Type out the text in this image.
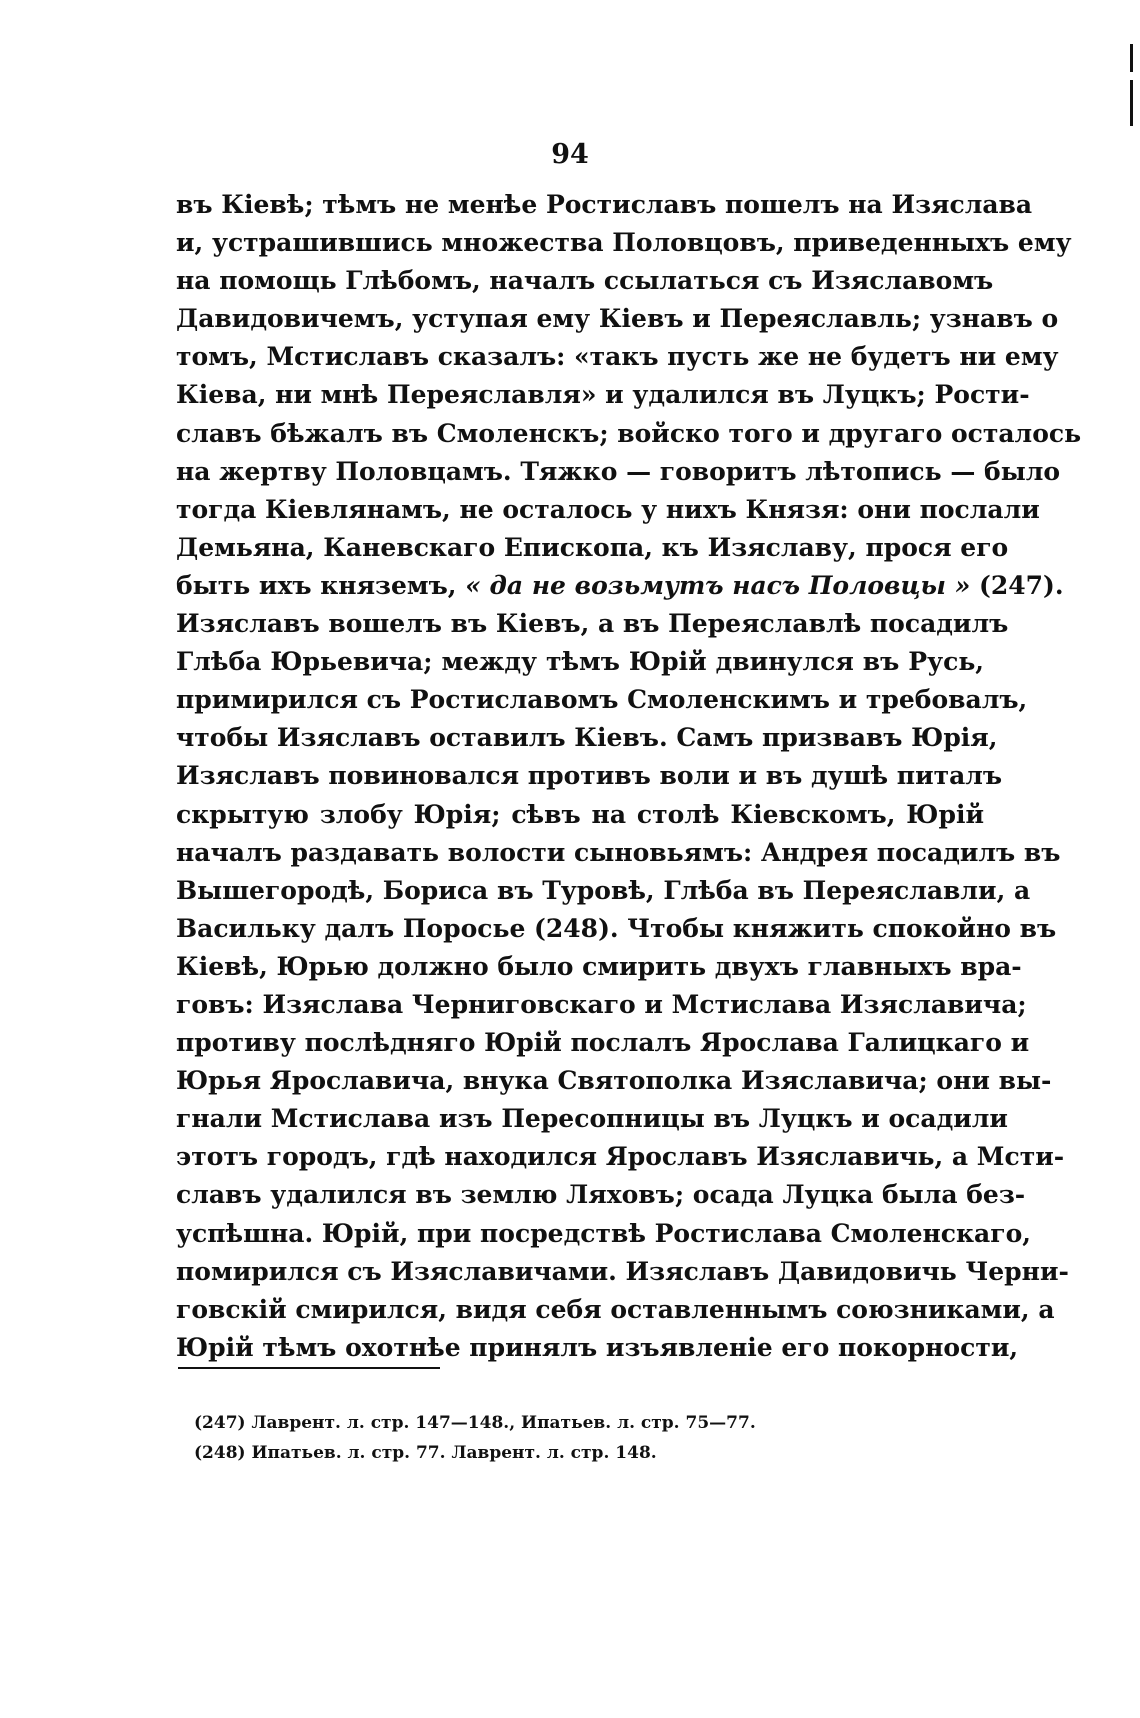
94
въ Кіевѣ; тѣмъ не менѣе Ростиславъ пошелъ на Изяслава
и, устрашившись множества Половцовъ, приведенныхъ ему
на помощь Глѣбомъ, началъ ссылаться съ Изяславомъ
Давидовичемъ, уступая ему Кіевъ и Переяславль; узнавъ о
томъ, Мстиславъ сказалъ: «такъ пусть же не будетъ ни ему
Кіева, ни мнѣ Переяславля» и удалился въ Луцкъ; Рости-
славъ бѣжалъ въ Смоленскъ; войско того и другаго осталось
на жертву Половцамъ. Тяжко — говоритъ лѣтопись — было
тогда Кіевлянамъ, не осталось у нихъ Князя: они послали
Демьяна, Каневскаго Епископа, къ Изяславу, прося его
быть ихъ княземъ, « да не возьмутъ насъ Половцы » (247).
Изяславъ вошелъ въ Кіевъ, а въ Переяславлѣ посадилъ
Глѣба Юрьевича; между тѣмъ Юрій двинулся въ Русь,
примирился съ Ростиславомъ Смоленскимъ и требовалъ,
чтобы Изяславъ оставилъ Кіевъ. Самъ призвавъ Юрія,
Изяславъ повиновался противъ воли и въ душѣ питалъ
скрытую злобу Юрія; сѣвъ на столѣ Кіевскомъ, Юрій
началъ раздавать волости сыновьямъ: Андрея посадилъ въ
Вышегородѣ, Бориса въ Туровѣ, Глѣба въ Переяславли, а
Васильку далъ Поросье (248). Чтобы княжить спокойно въ
Кіевѣ, Юрью должно было смирить двухъ главныхъ вра-
говъ: Изяслава Черниговскаго и Мстислава Изяславича;
противу послѣдняго Юрій послалъ Ярослава Галицкаго и
Юрья Ярославича, внука Святополка Изяславича; они вы-
гнали Мстислава изъ Пересопницы въ Луцкъ и осадили
этотъ городъ, гдѣ находился Ярославъ Изяславичь, а Мсти-
славъ удалился въ землю Ляховъ; осада Луцка была без-
успѣшна. Юрій, при посредствѣ Ростислава Смоленскаго,
помирился съ Изяславичами. Изяславъ Давидовичь Черни-
говскій смирился, видя себя оставленнымъ союзниками, а
Юрій тѣмъ охотнѣе принялъ изъявленіе его покорности,
(247) Лаврент. л. стр. 147—148., Ипатьев. л. стр. 75—77.
(248) Ипатьев. л. стр. 77. Лаврент. л. стр. 148.
